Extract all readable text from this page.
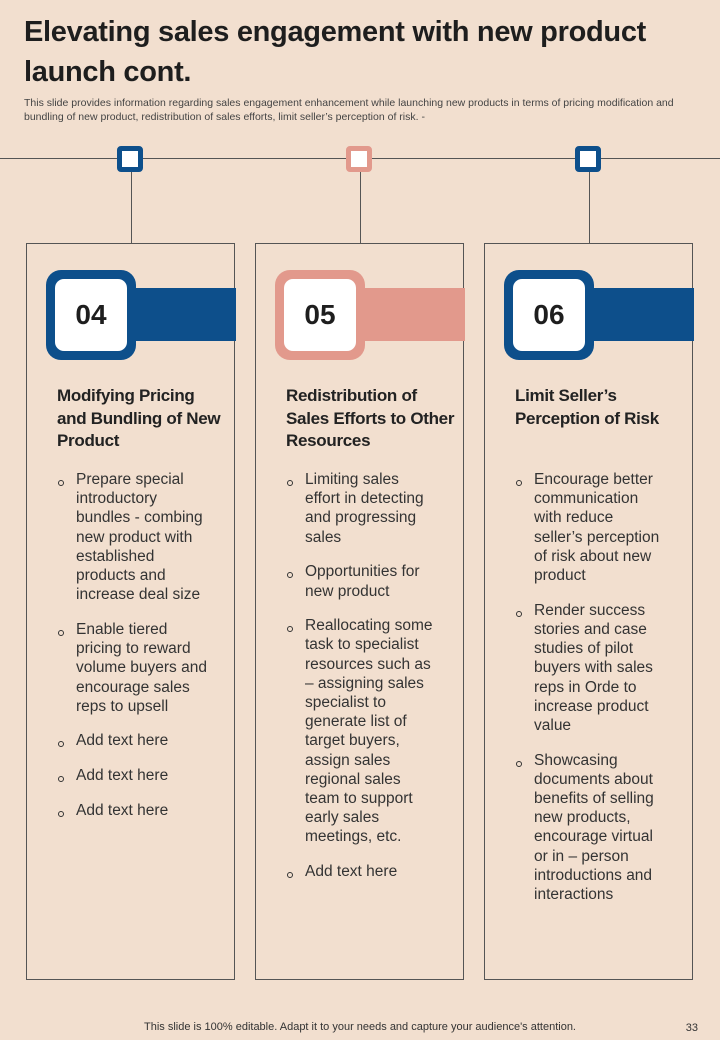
Elevating sales engagement with new product launch cont.
This slide provides information regarding sales engagement enhancement while launching new products in terms of pricing modification and bundling of new product, redistribution of sales efforts, limit seller’s perception of risk. -
04
Modifying Pricing and Bundling of New Product
Prepare special introductory bundles - combing new product with established products and increase deal size
Enable tiered pricing to reward volume buyers and encourage sales reps to upsell
Add text here
Add text here
Add text here
05
Redistribution of Sales Efforts to Other Resources
Limiting sales effort in detecting and progressing sales
Opportunities for new product
Reallocating some task to specialist resources such as – assigning sales specialist to generate list of target buyers, assign sales regional sales team to support early sales meetings, etc.
Add text here
06
Limit Seller’s Perception of Risk
Encourage better communication with reduce seller’s perception of risk about new product
Render success stories and case studies of pilot buyers with sales reps in Orde to increase product value
Showcasing documents about benefits of selling new products, encourage virtual or in – person introductions and interactions
This slide is 100% editable. Adapt it to your needs and capture your audience's attention.	33
